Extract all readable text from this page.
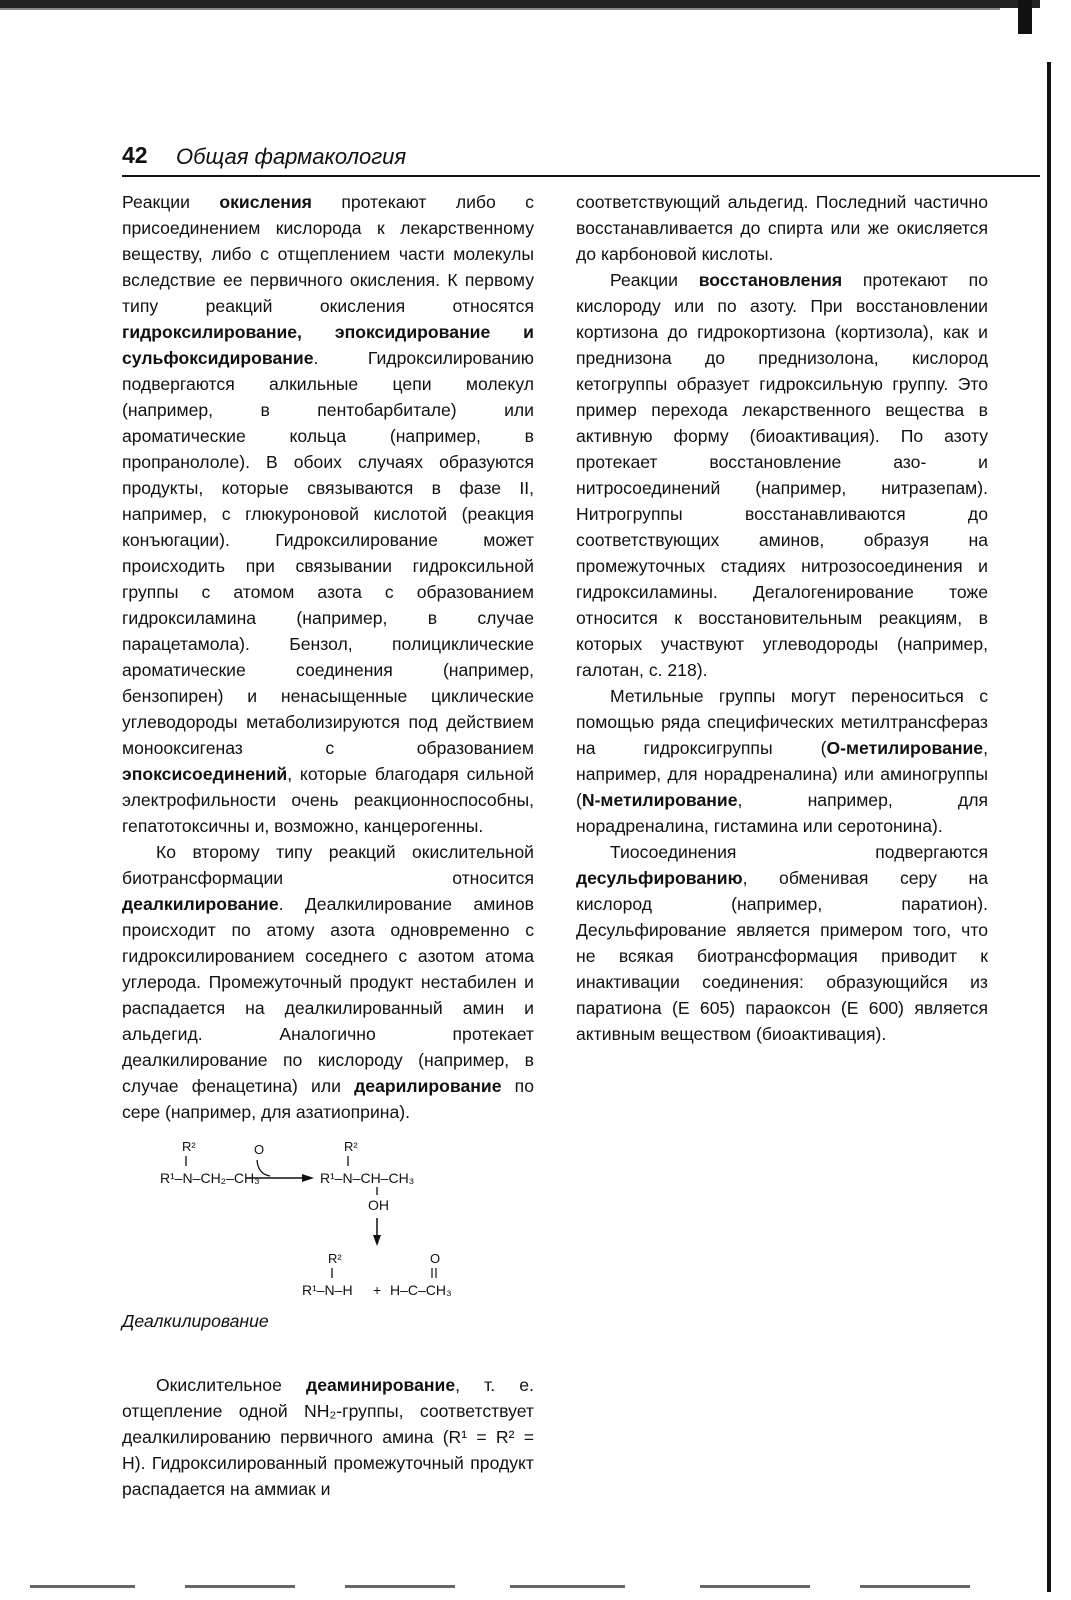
42 Общая фармакология

Реакции окисления протекают либо с присоединением кислорода к лекарственному веществу, либо с отщеплением части молекулы вследствие ее первичного окисления. К первому типу реакций окисления относятся гидроксилирование, эпоксидирование и сульфоксидирование. Гидроксилированию подвергаются алкильные цепи молекул (например, в пентобарбитале) или ароматические кольца (например, в пропранололе). В обоих случаях образуются продукты, которые связываются в фазе II, например, с глюкуроновой кислотой (реакция конъюгации). Гидроксилирование может происходить при связывании гидроксильной группы с атомом азота с образованием гидроксиламина (например, в случае парацетамола). Бензол, полициклические ароматические соединения (например, бензопирен) и ненасыщенные циклические углеводороды метаболизируются под действием монооксигеназ с образованием эпоксисоединений, которые благодаря сильной электрофильности очень реакционноспособны, гепатотоксичны и, возможно, канцерогенны.

Ко второму типу реакций окислительной биотрансформации относится деалкилирование. Деалкилирование аминов происходит по атому азота одновременно с гидроксилированием соседнего с азотом атома углерода. Промежуточный продукт нестабилен и распадается на деалкилированный амин и альдегид. Аналогично протекает деалкилирование по кислороду (например, в случае фенацетина) или деарилирование по сере (например, для азатиоприна).

R²
R¹–N–CH₂–CH₃
O	R²
R¹–N–CH–CH₃
OH
R²
R¹–N–H +
O
H–C–CH₃
Деалкилирование

Окислительное деаминирование, т. е. отщепление одной NH₂-группы, соответствует деалкилированию первичного амина (R¹ = R² = H). Гидроксилированный промежуточный продукт распадается на аммиак и

соответствующий альдегид. Последний частично восстанавливается до спирта или же окисляется до карбоновой кислоты.

Реакции восстановления протекают по кислороду или по азоту. При восстановлении кортизона до гидрокортизона (кортизола), как и преднизона до преднизолона, кислород кетогруппы образует гидроксильную группу. Это пример перехода лекарственного вещества в активную форму (биоактивация). По азоту протекает восстановление азо- и нитросоединений (например, нитразепам). Нитрогруппы восстанавливаются до соответствующих аминов, образуя на промежуточных стадиях нитрозосоединения и гидроксиламины. Дегалогенирование тоже относится к восстановительным реакциям, в которых участвуют углеводороды (например, галотан, с. 218).

Метильные группы могут переноситься с помощью ряда специфических метилтрансфераз на гидроксигруппы (О-метилирование, например, для норадреналина) или аминогруппы (N-метилирование, например, для норадреналина, гистамина или серотонина).

Тиосоединения подвергаются десульфированию, обменивая серу на кислород (например, паратион). Десульфирование является примером того, что не всякая биотрансформация приводит к инактивации соединения: образующийся из паратиона (E 605) параоксон (E 600) является активным веществом (биоактивация).
